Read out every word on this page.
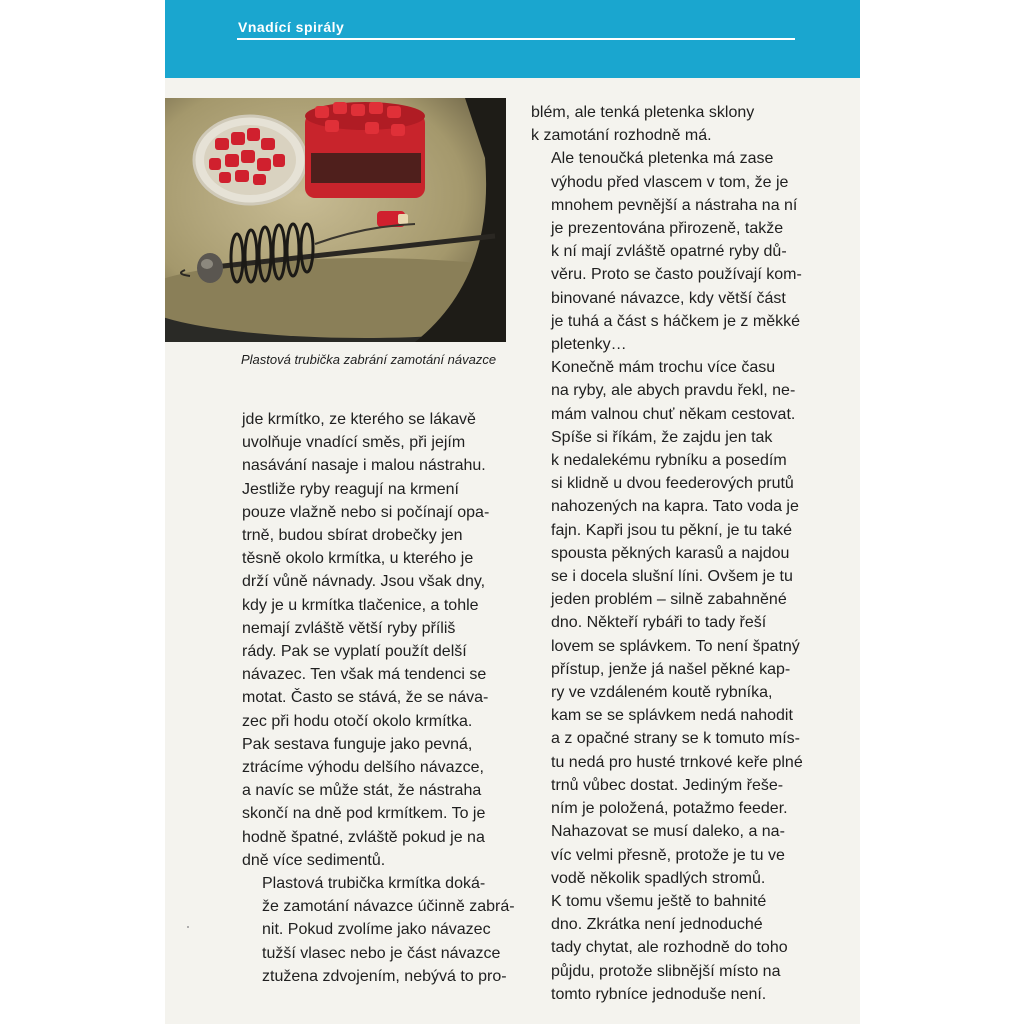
Vnadící spirály
Plastová trubička zabrání zamotání návazce

jde krmítko, ze kterého se lákavě
uvolňuje vnadící směs, při jejím
nasávání nasaje i malou nástrahu.
Jestliže ryby reagují na krmení
pouze vlažně nebo si počínají opa-
trně, budou sbírat drobečky jen
těsně okolo krmítka, u kterého je
drží vůně návnady. Jsou však dny,
kdy je u krmítka tlačenice, a tohle
nemají zvláště větší ryby příliš
rády. Pak se vyplatí použít delší
návazec. Ten však má tendenci se
motat. Často se stává, že se náva-
zec při hodu otočí okolo krmítka.
Pak sestava funguje jako pevná,
ztrácíme výhodu delšího návazce,
a navíc se může stát, že nástraha
skončí na dně pod krmítkem. To je
hodně špatné, zvláště pokud je na
dně více sedimentů.

Plastová trubička krmítka doká-
že zamotání návazce účinně zabrá-
nit. Pokud zvolíme jako návazec
tužší vlasec nebo je část návazce
ztužena zdvojením, nebývá to pro-

blém, ale tenká pletenka sklony
k zamotání rozhodně má.

Ale tenoučká pletenka má zase
výhodu před vlascem v tom, že je
mnohem pevnější a nástraha na ní
je prezentována přirozeně, takže
k ní mají zvláště opatrné ryby dů-
věru. Proto se často používají kom-
binované návazce, kdy větší část
je tuhá a část s háčkem je z měkké
pletenky…

Konečně mám trochu více času
na ryby, ale abych pravdu řekl, ne-
mám valnou chuť někam cestovat.
Spíše si říkám, že zajdu jen tak
k nedalekému rybníku a posedím
si klidně u dvou feederových prutů
nahozených na kapra. Tato voda je
fajn. Kapři jsou tu pěkní, je tu také
spousta pěkných karasů a najdou
se i docela slušní líni. Ovšem je tu
jeden problém – silně zabahněné
dno. Někteří rybáři to tady řeší
lovem se splávkem. To není špatný
přístup, jenže já našel pěkné kap-
ry ve vzdáleném koutě rybníka,
kam se se splávkem nedá nahodit
a z opačné strany se k tomuto mís-
tu nedá pro husté trnkové keře plné
trnů vůbec dostat. Jediným řeše-
ním je položená, potažmo feeder.

Nahazovat se musí daleko, a na-
víc velmi přesně, protože je tu ve
vodě několik spadlých stromů.
K tomu všemu ještě to bahnité
dno. Zkrátka není jednoduché
tady chytat, ale rozhodně do toho
půjdu, protože slibnější místo na
tomto rybníce jednoduše není.
